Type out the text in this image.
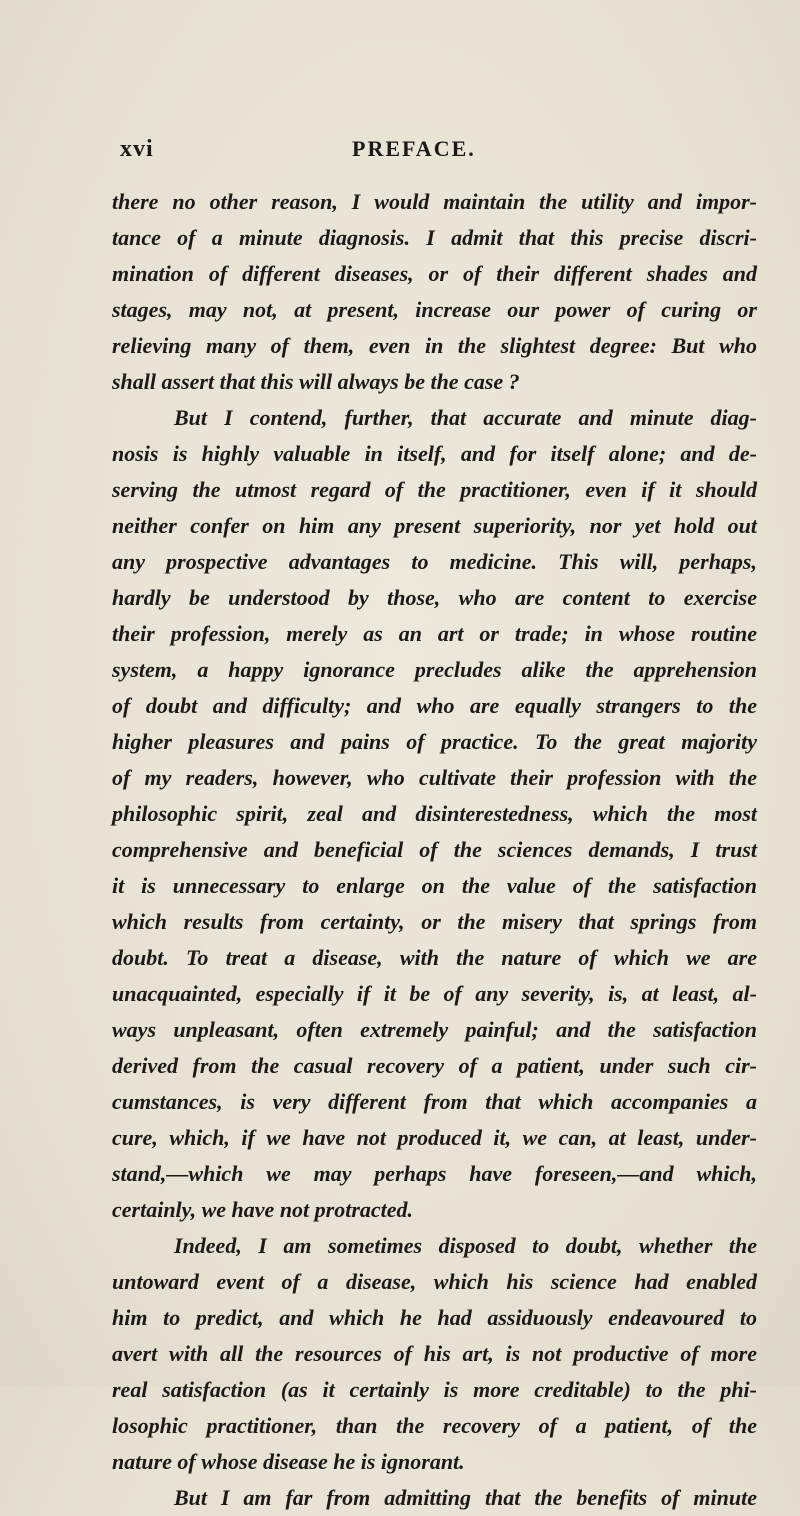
xvi	PREFACE.
there no other reason, I would maintain the utility and impor-
tance of a minute diagnosis. I admit that this precise discri-
mination of different diseases, or of their different shades and
stages, may not, at present, increase our power of curing or
relieving many of them, even in the slightest degree: But who
shall assert that this will always be the case ?
But I contend, further, that accurate and minute diag-
nosis is highly valuable in itself, and for itself alone; and de-
serving the utmost regard of the practitioner, even if it should
neither confer on him any present superiority, nor yet hold out
any prospective advantages to medicine. This will, perhaps,
hardly be understood by those, who are content to exercise
their profession, merely as an art or trade; in whose routine
system, a happy ignorance precludes alike the apprehension
of doubt and difficulty; and who are equally strangers to the
higher pleasures and pains of practice. To the great majority
of my readers, however, who cultivate their profession with the
philosophic spirit, zeal and disinterestedness, which the most
comprehensive and beneficial of the sciences demands, I trust
it is unnecessary to enlarge on the value of the satisfaction
which results from certainty, or the misery that springs from
doubt. To treat a disease, with the nature of which we are
unacquainted, especially if it be of any severity, is, at least, al-
ways unpleasant, often extremely painful; and the satisfaction
derived from the casual recovery of a patient, under such cir-
cumstances, is very different from that which accompanies a
cure, which, if we have not produced it, we can, at least, under-
stand,—which we may perhaps have foreseen,—and which,
certainly, we have not protracted.
Indeed, I am sometimes disposed to doubt, whether the
untoward event of a disease, which his science had enabled
him to predict, and which he had assiduously endeavoured to
avert with all the resources of his art, is not productive of more
real satisfaction (as it certainly is more creditable) to the phi-
losophic practitioner, than the recovery of a patient, of the
nature of whose disease he is ignorant.
But I am far from admitting that the benefits of minute
